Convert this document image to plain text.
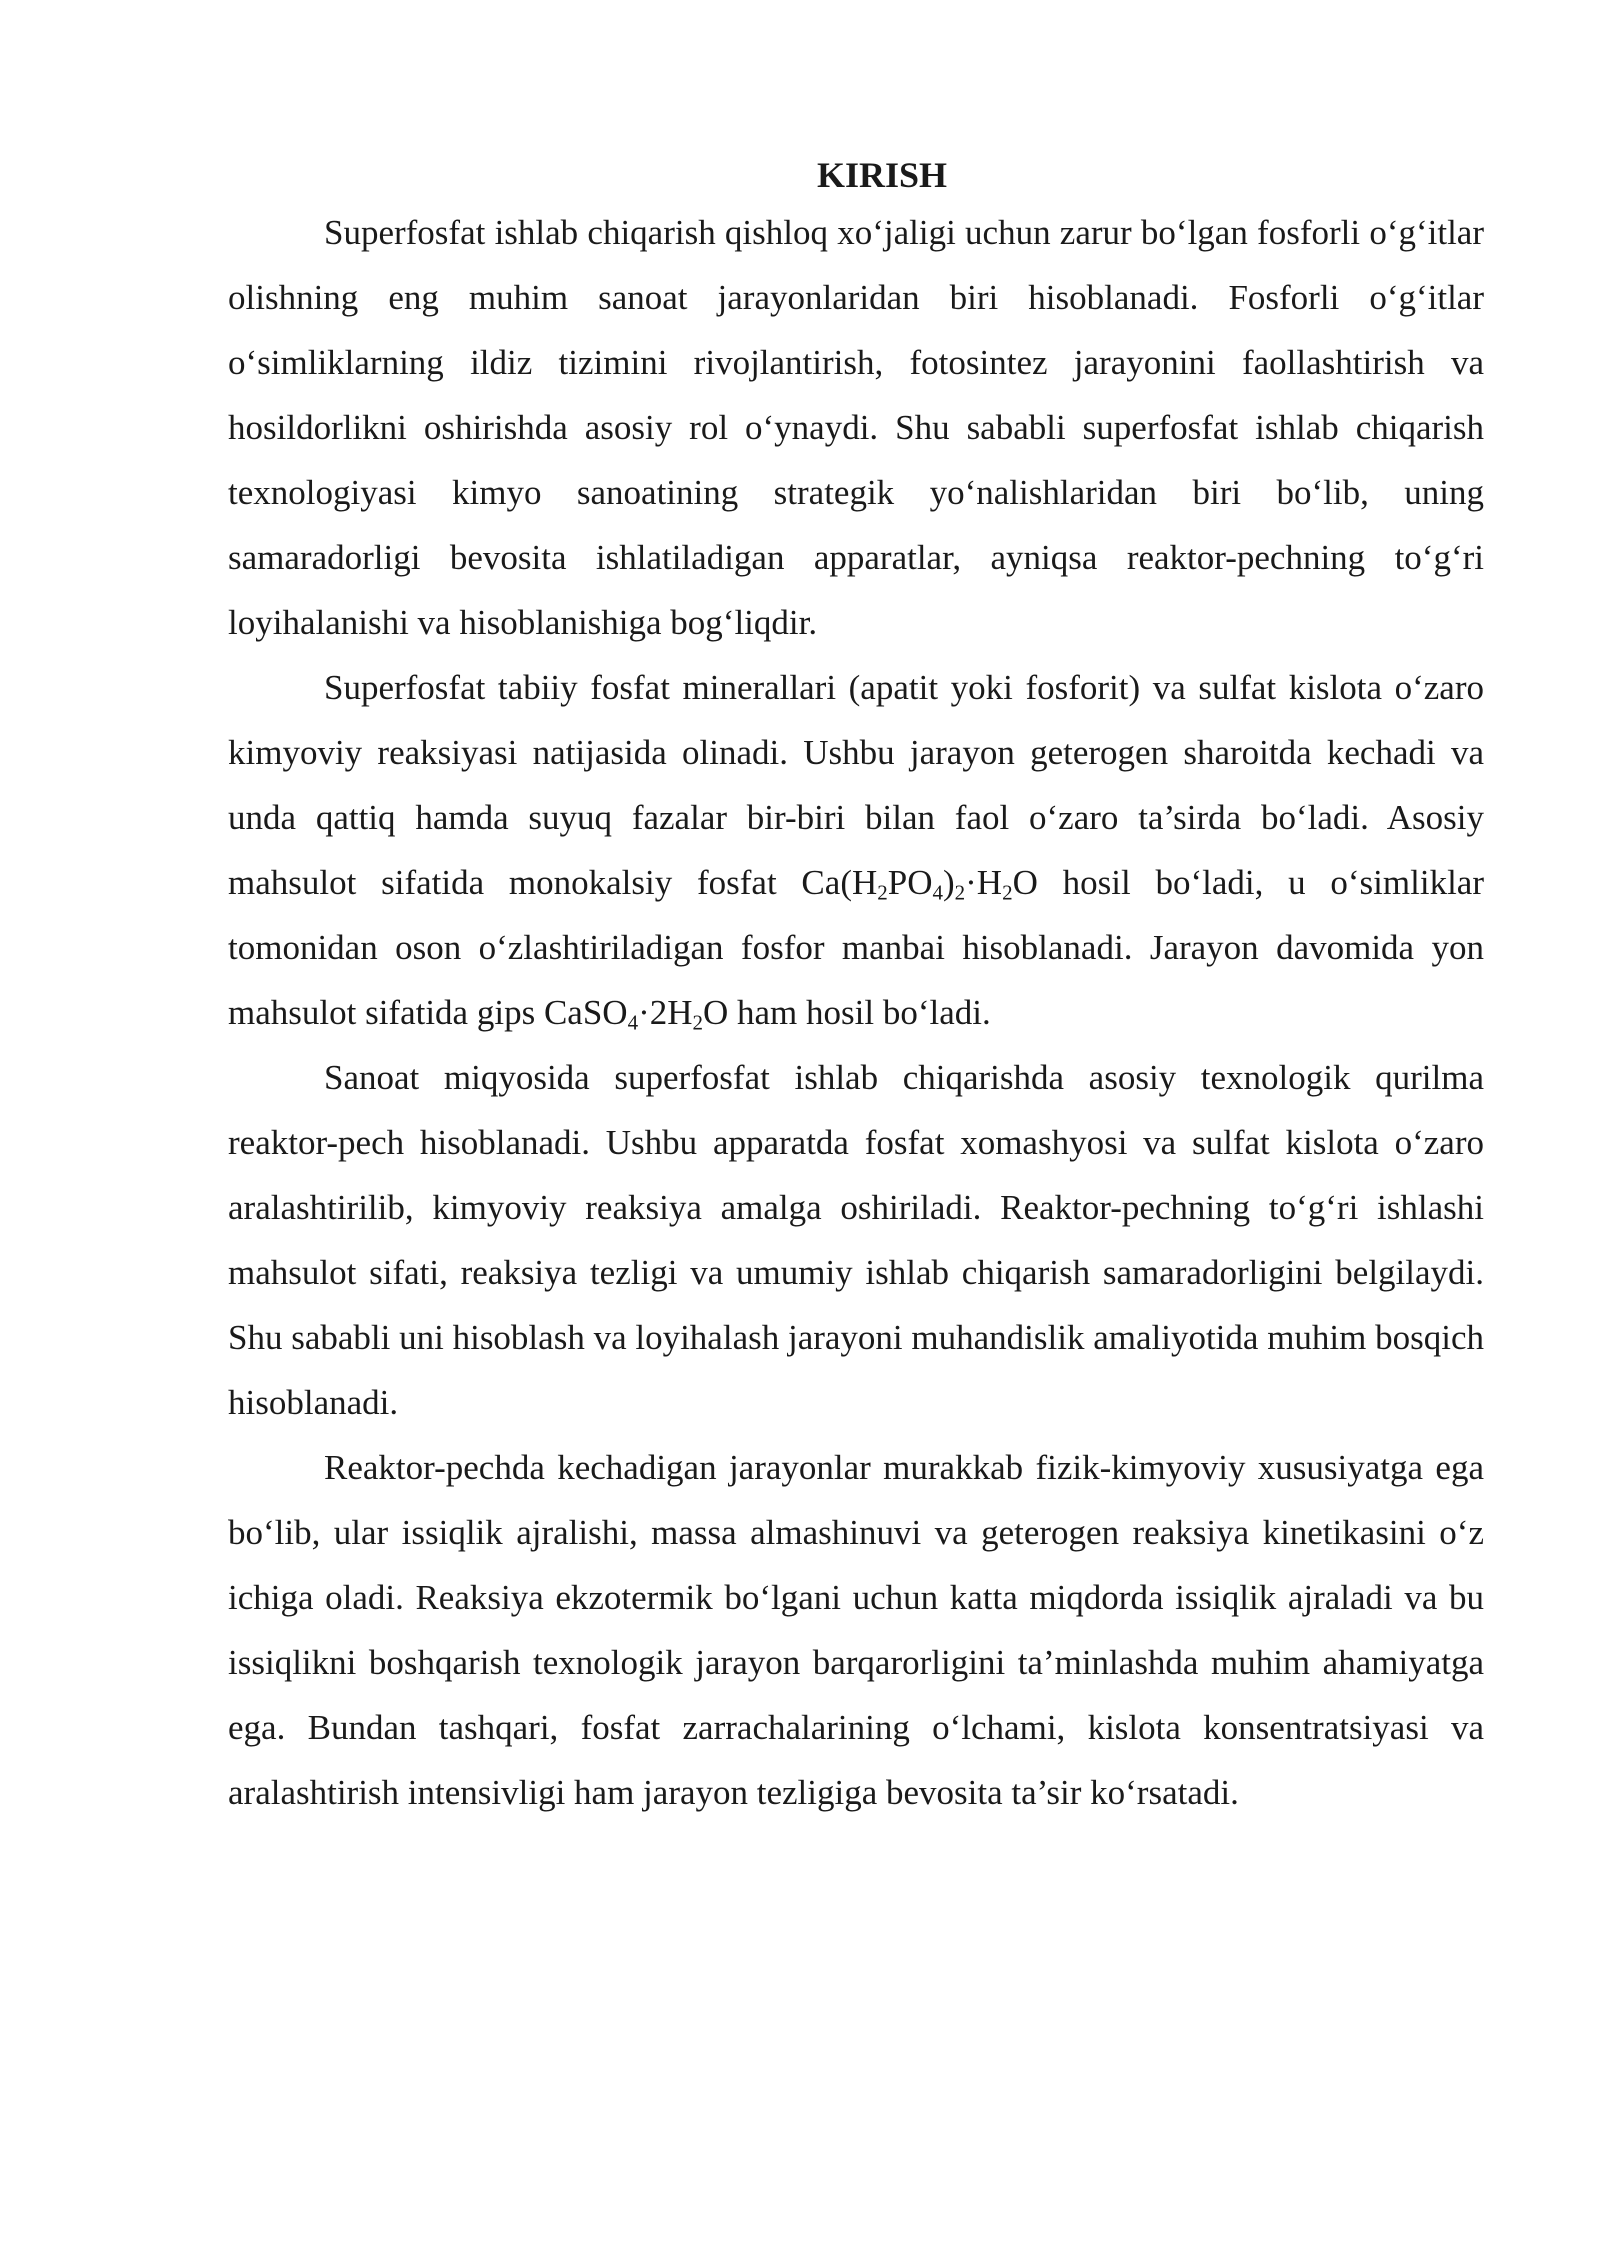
KIRISH

Superfosfat ishlab chiqarish qishloq xo‘jaligi uchun zarur bo‘lgan fosforli o‘g‘itlar olishning eng muhim sanoat jarayonlaridan biri hisoblanadi. Fosforli o‘g‘itlar o‘simliklarning ildiz tizimini rivojlantirish, fotosintez jarayonini faollashtirish va hosildorlikni oshirishda asosiy rol o‘ynaydi. Shu sababli superfosfat ishlab chiqarish texnologiyasi kimyo sanoatining strategik yo‘nalishlaridan biri bo‘lib, uning samaradorligi bevosita ishlatiladigan apparatlar, ayniqsa reaktor-pechning to‘g‘ri loyihalanishi va hisoblanishiga bog‘liqdir.

Superfosfat tabiiy fosfat minerallari (apatit yoki fosforit) va sulfat kislota o‘zaro kimyoviy reaksiyasi natijasida olinadi. Ushbu jarayon geterogen sharoitda kechadi va unda qattiq hamda suyuq fazalar bir-biri bilan faol o‘zaro ta’sirda bo‘ladi. Asosiy mahsulot sifatida monokalsiy fosfat $Ca(H_2PO_4)_2\cdot H_2O$ hosil bo‘ladi, u o‘simliklar tomonidan oson o‘zlashtiriladigan fosfor manbai hisoblanadi. Jarayon davomida yon mahsulot sifatida gips $CaSO_4\cdot 2H_2O$ ham hosil bo‘ladi.

Sanoat miqyosida superfosfat ishlab chiqarishda asosiy texnologik qurilma reaktor-pech hisoblanadi. Ushbu apparatda fosfat xomashyosi va sulfat kislota o‘zaro aralashtirilib, kimyoviy reaksiya amalga oshiriladi. Reaktor-pechning to‘g‘ri ishlashi mahsulot sifati, reaksiya tezligi va umumiy ishlab chiqarish samaradorligini belgilaydi. Shu sababli uni hisoblash va loyihalash jarayoni muhandislik amaliyotida muhim bosqich hisoblanadi.

Reaktor-pechda kechadigan jarayonlar murakkab fizik-kimyoviy xususiyatga ega bo‘lib, ular issiqlik ajralishi, massa almashinuvi va geterogen reaksiya kinetikasini o‘z ichiga oladi. Reaksiya ekzotermik bo‘lgani uchun katta miqdorda issiqlik ajraladi va bu issiqlikni boshqarish texnologik jarayon barqarorligini ta’minlashda muhim ahamiyatga ega. Bundan tashqari, fosfat zarrachalarining o‘lchami, kislota konsentratsiyasi va aralashtirish intensivligi ham jarayon tezligiga bevosita ta’sir ko‘rsatadi.
